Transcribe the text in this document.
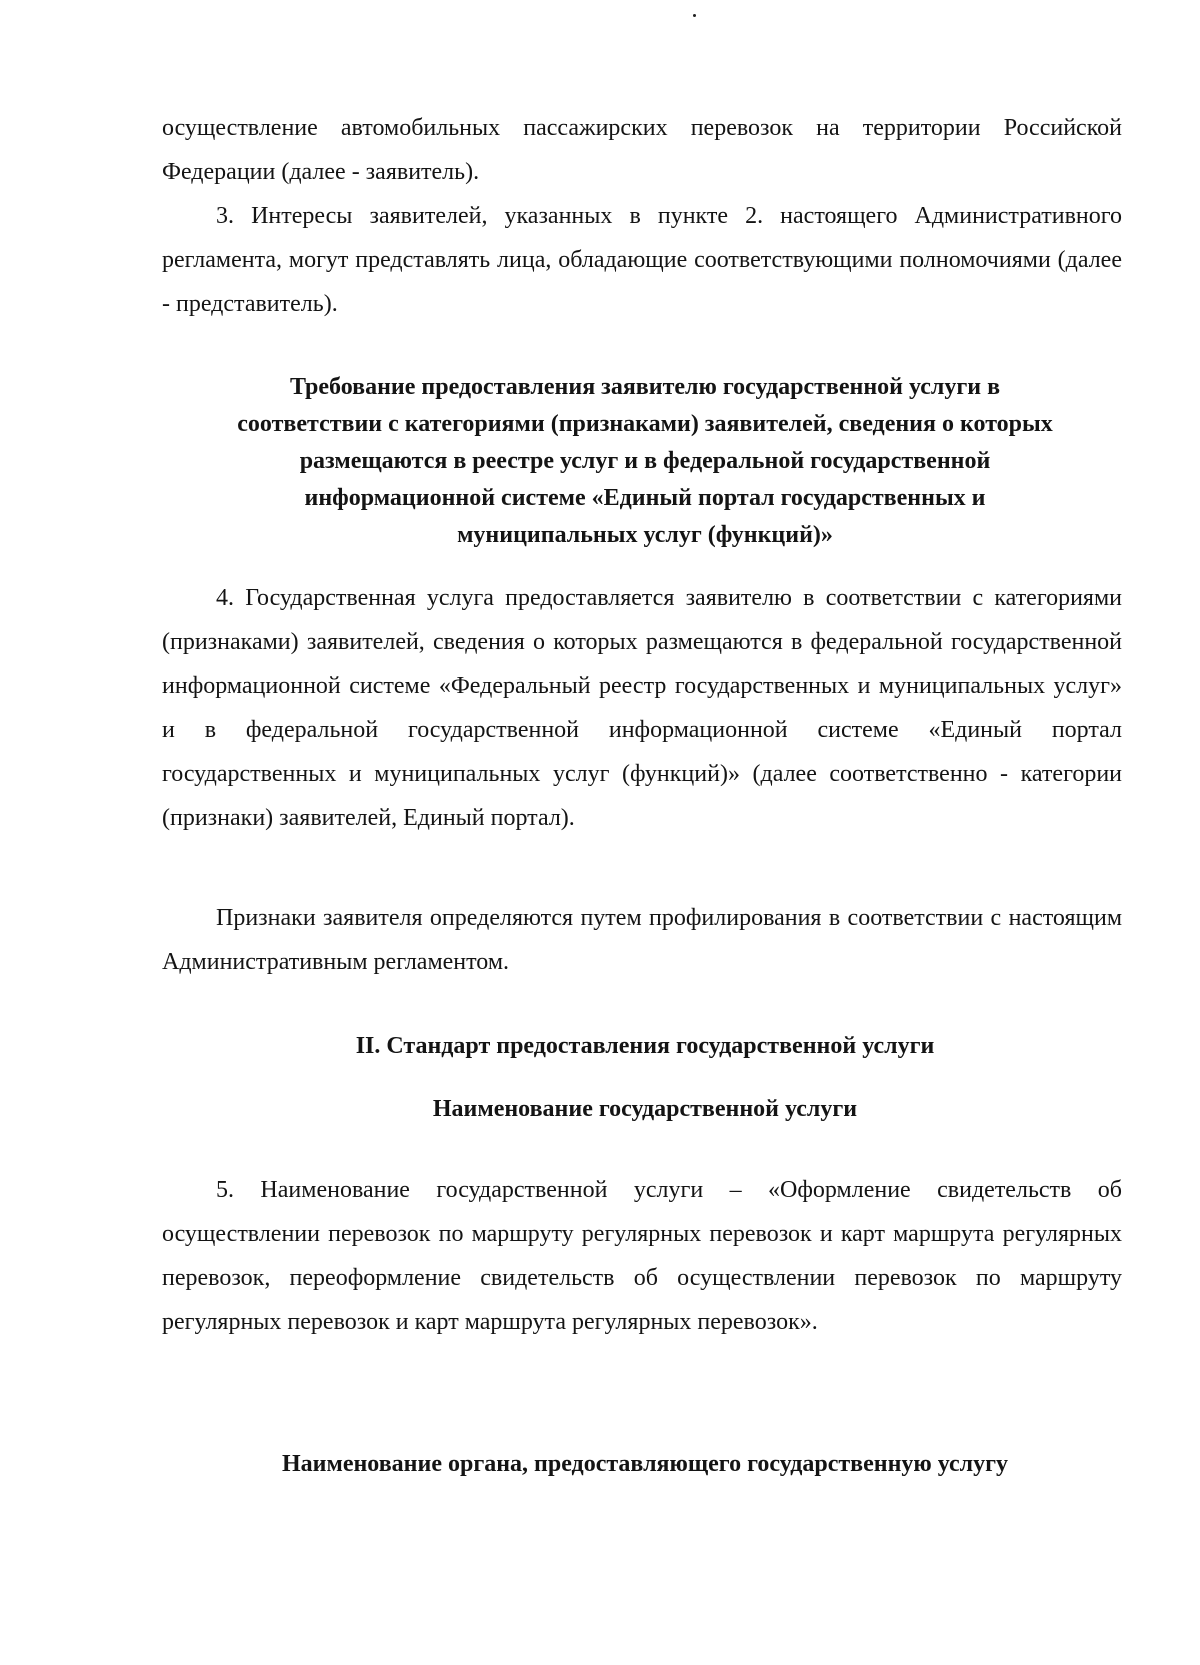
осуществление автомобильных пассажирских перевозок на территории Российской Федерации (далее - заявитель).

3. Интересы заявителей, указанных в пункте 2. настоящего Административного регламента, могут представлять лица, обладающие соответствующими полномочиями (далее - представитель).

Требование предоставления заявителю государственной услуги в соответствии с категориями (признаками) заявителей, сведения о которых размещаются в реестре услуг и в федеральной государственной информационной системе «Единый портал государственных и муниципальных услуг (функций)»

4. Государственная услуга предоставляется заявителю в соответствии с категориями (признаками) заявителей, сведения о которых размещаются в федеральной государственной информационной системе «Федеральный реестр государственных и муниципальных услуг» и в федеральной государственной информационной системе «Единый портал государственных и муниципальных услуг (функций)» (далее соответственно - категории (признаки) заявителей, Единый портал).

Признаки заявителя определяются путем профилирования в соответствии с настоящим Административным регламентом.

II. Стандарт предоставления государственной услуги
Наименование государственной услуги

5. Наименование государственной услуги – «Оформление свидетельств об осуществлении перевозок по маршруту регулярных перевозок и карт маршрута регулярных перевозок, переоформление свидетельств об осуществлении перевозок по маршруту регулярных перевозок и карт маршрута регулярных перевозок».

Наименование органа, предоставляющего государственную услугу
